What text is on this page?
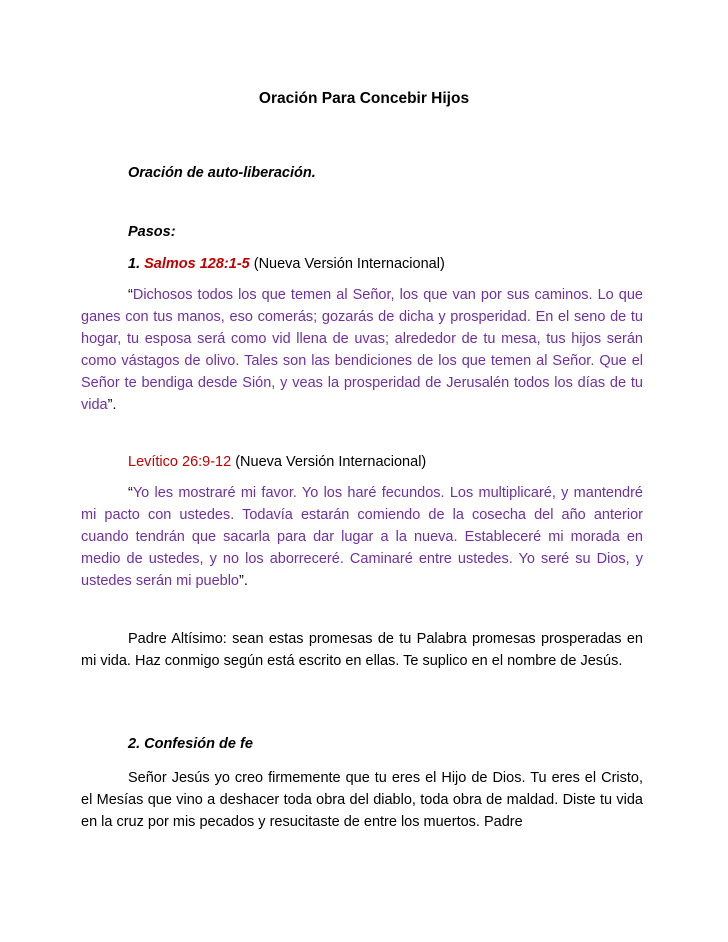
Oración Para Concebir Hijos
Oración de auto-liberación.
Pasos:
1. Salmos 128:1-5 (Nueva Versión Internacional)
“Dichosos todos los que temen al Señor, los que van por sus caminos. Lo que ganes con tus manos, eso comerás; gozarás de dicha y prosperidad. En el seno de tu hogar, tu esposa será como vid llena de uvas; alrededor de tu mesa, tus hijos serán como vástagos de olivo. Tales son las bendiciones de los que temen al Señor. Que el Señor te bendiga desde Sión, y veas la prosperidad de Jerusalén todos los días de tu vida”.
Levítico 26:9-12 (Nueva Versión Internacional)
“Yo les mostraré mi favor. Yo los haré fecundos. Los multiplicaré, y mantendré mi pacto con ustedes. Todavía estarán comiendo de la cosecha del año anterior cuando tendrán que sacarla para dar lugar a la nueva. Estableceré mi morada en medio de ustedes, y no los aborreceré. Caminaré entre ustedes. Yo seré su Dios, y ustedes serán mi pueblo”.
Padre Altísimo: sean estas promesas de tu Palabra promesas prosperadas en mi vida. Haz conmigo según está escrito en ellas. Te suplico en el nombre de Jesús.
2. Confesión de fe
Señor Jesús yo creo firmemente que tu eres el Hijo de Dios. Tu eres el Cristo, el Mesías que vino a deshacer toda obra del diablo, toda obra de maldad. Diste tu vida en la cruz por mis pecados y resucitaste de entre los muertos. Padre
